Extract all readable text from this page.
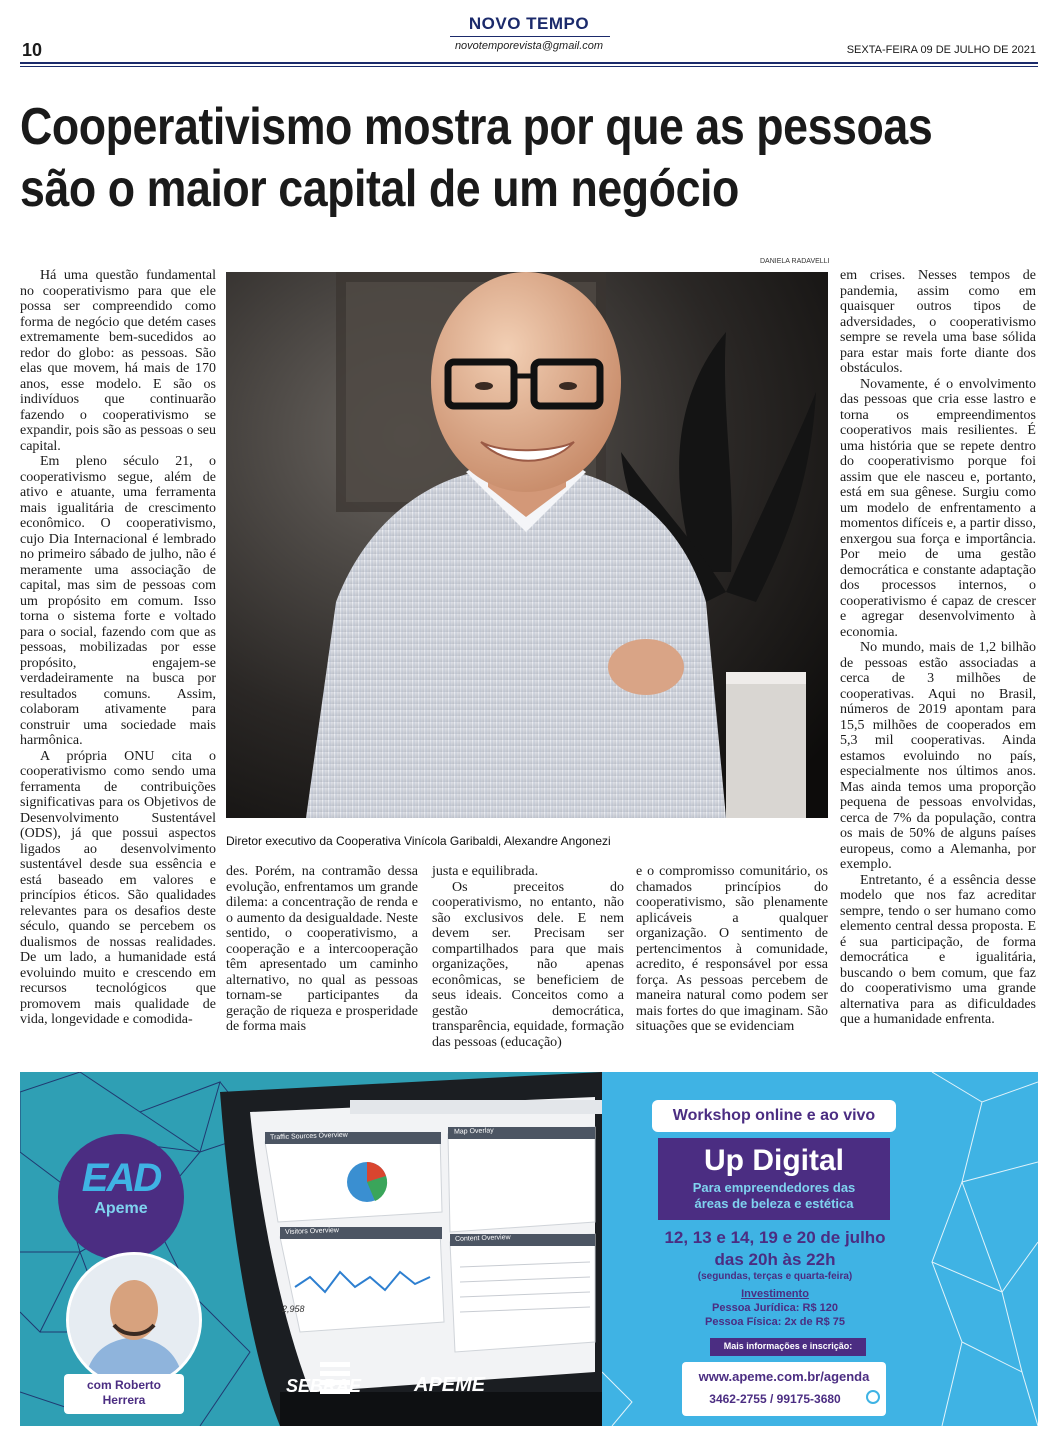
NOVO TEMPO
novotemporevista@gmail.com
10	SEXTA-FEIRA 09 DE JULHO DE 2021
Cooperativismo mostra por que as pessoas
são o maior capital de um negócio

Há uma questão fundamental no cooperativismo para que ele possa ser compreendido como forma de negócio que detém cases extremamente bem-sucedidos ao redor do globo: as pessoas. São elas que movem, há mais de 170 anos, esse modelo. E são os indivíduos que continuarão fazendo o cooperativismo se expandir, pois são as pessoas o seu capital.

Em pleno século 21, o cooperativismo segue, além de ativo e atuante, uma ferramenta mais igualitária de crescimento econômico. O cooperativismo, cujo Dia Internacional é lembrado no primeiro sábado de julho, não é meramente uma associação de capital, mas sim de pessoas com um propósito em comum. Isso torna o sistema forte e voltado para o social, fazendo com que as pessoas, mobilizadas por esse propósito, engajem-se verdadeiramente na busca por resultados comuns. Assim, colaboram ativamente para construir uma sociedade mais harmônica.

A própria ONU cita o cooperativismo como sendo uma ferramenta de contribuições significativas para os Objetivos de Desenvolvimento Sustentável (ODS), já que possui aspectos ligados ao desenvolvimento sustentável desde sua essência e está baseado em valores e princípios éticos. São qualidades relevantes para os desafios deste século, quando se percebem os dualismos de nossas realidades. De um lado, a humanidade está evoluindo muito e crescendo em recursos tecnológicos que promovem mais qualidade de vida, longevidade e comodida-

DANIELA RADAVELLI
Diretor executivo da Cooperativa Vinícola Garibaldi, Alexandre Angonezi

des. Porém, na contramão dessa evolução, enfrentamos um grande dilema: a concentração de renda e o aumento da desigualdade. Neste sentido, o cooperativismo, a cooperação e a intercooperação têm apresentado um caminho alternativo, no qual as pessoas tornam-se participantes da geração de riqueza e prosperidade de forma mais

justa e equilibrada.

Os preceitos do cooperativismo, no entanto, não são exclusivos dele. E nem devem ser. Precisam ser compartilhados para que mais organizações, não apenas econômicas, se beneficiem de seus ideais. Conceitos como a gestão democrática, transparência, equidade, formação das pessoas (educação)

e o compromisso comunitário, os chamados princípios do cooperativismo, são plenamente aplicáveis a qualquer organização. O sentimento de pertencimentos à comunidade, acredito, é responsável por essa força. As pessoas percebem de maneira natural como podem ser mais fortes do que imaginam. São situações que se evidenciam

em crises. Nesses tempos de pandemia, assim como em quaisquer outros tipos de adversidades, o cooperativismo sempre se revela uma base sólida para estar mais forte diante dos obstáculos.

Novamente, é o envolvimento das pessoas que cria esse lastro e torna os empreendimentos cooperativos mais resilientes. É uma história que se repete dentro do cooperativismo porque foi assim que ele nasceu e, portanto, está em sua gênese. Surgiu como um modelo de enfrentamento a momentos difíceis e, a partir disso, enxergou sua força e importância. Por meio de uma gestão democrática e constante adaptação dos processos internos, o cooperativismo é capaz de crescer e agregar desenvolvimento à economia.

No mundo, mais de 1,2 bilhão de pessoas estão associadas a cerca de 3 milhões de cooperativas. Aqui no Brasil, números de 2019 apontam para 15,5 milhões de cooperados em 5,3 mil cooperativas. Ainda estamos evoluindo no país, especialmente nos últimos anos. Mas ainda temos uma proporção pequena de pessoas envolvidas, cerca de 7% da população, contra os mais de 50% de alguns países europeus, como a Alemanha, por exemplo.

Entretanto, é a essência desse modelo que nos faz acreditar sempre, tendo o ser humano como elemento central dessa proposta. E é sua participação, de forma democrática e igualitária, buscando o bem comum, que faz do cooperativismo uma grande alternativa para as dificuldades que a humanidade enfrenta.

Traffic Sources Overview
Map Overlay
Visitors Overview
Content Overview
2,958
EAD
Apeme
com Roberto
Herrera
SEBRAE	APEME
Workshop online e ao vivo
Up Digital
Para empreendedores das
áreas de beleza e estética
12, 13 e 14, 19 e 20 de julho
das 20h às 22h
(segundas, terças e quarta-feira)
Investimento
Pessoa Jurídica: R$ 120
Pessoa Física: 2x de R$ 75
Mais informações e inscrição:
www.apeme.com.br/agenda
3462-2755 / 99175-3680
